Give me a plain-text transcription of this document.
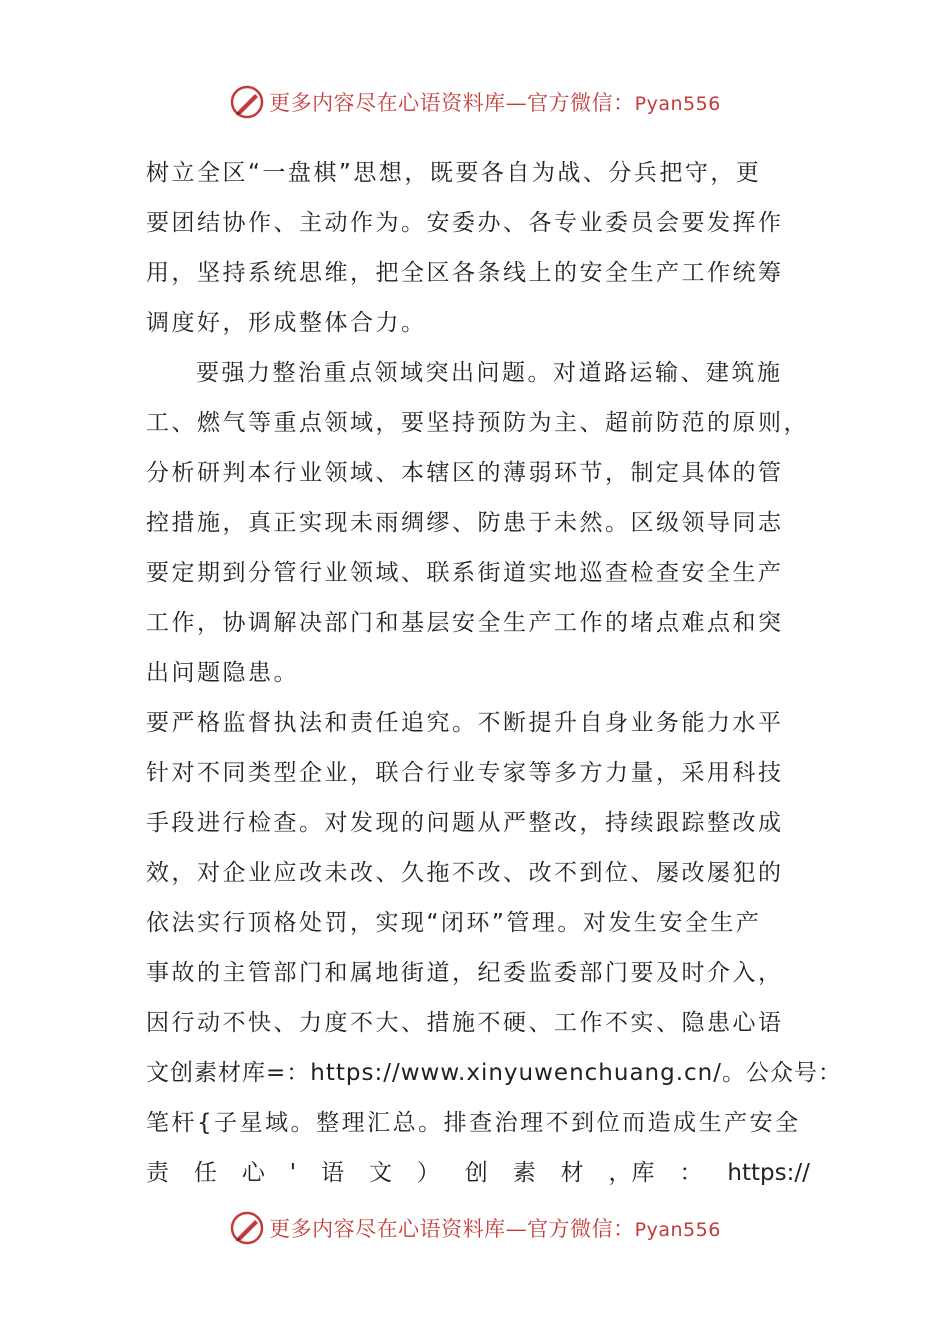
更多内容尽在心语资料库—官方微信：Pyan556
树立全区“一盘棋”思想，既要各自为战、分兵把守，更
要团结协作、主动作为。安委办、各专业委员会要发挥作
用，坚持系统思维，把全区各条线上的安全生产工作统筹
调度好，形成整体合力。
要强力整治重点领域突出问题。对道路运输、建筑施
工、燃气等重点领域，要坚持预防为主、超前防范的原则，
分析研判本行业领域、本辖区的薄弱环节，制定具体的管
控措施，真正实现未雨绸缪、防患于未然。区级领导同志
要定期到分管行业领域、联系街道实地巡查检查安全生产
工作，协调解决部门和基层安全生产工作的堵点难点和突
出问题隐患。
要严格监督执法和责任追究。不断提升自身业务能力水平
针对不同类型企业，联合行业专家等多方力量，采用科技
手段进行检查。对发现的问题从严整改，持续跟踪整改成
效，对企业应改未改、久拖不改、改不到位、屡改屡犯的
依法实行顶格处罚，实现“闭环”管理。对发生安全生产
事故的主管部门和属地街道，纪委监委部门要及时介入，
因行动不快、力度不大、措施不硬、工作不实、隐患心语
文创素材库=：https://www.xinyuwenchuang.cn/。公众号：
笔杆{子星域。整理汇总。排查治理不到位而造成生产安全
责 任 心 ' 语 文 ） 创 素 材 ，库 ： https://
更多内容尽在心语资料库—官方微信：Pyan556
